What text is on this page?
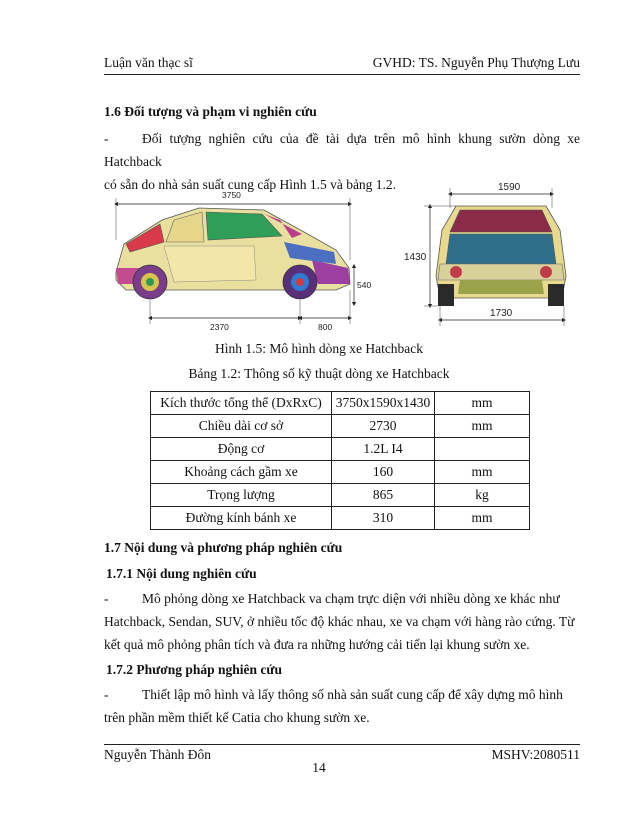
Luận văn thạc sĩ	GVHD: TS. Nguyễn Phụ Thượng Lưu
1.6 Đối tượng và phạm vi nghiên cứu
- Đối tượng nghiên cứu của đề tài dựa trên mô hình khung sườn dòng xe Hatchback
có sẵn do nhà sản suất cung cấp Hình 1.5 và bảng 1.2.
3750
2370	800
540
1590
1430
1730
Hình 1.5: Mô hình dòng xe Hatchback
Bảng 1.2: Thông số kỹ thuật dòng xe Hatchback
Kích thước tổng thể (DxRxC)	3750x1590x1430	mm
Chiều dài cơ sở	2730	mm
Động cơ	1.2L I4	
Khoảng cách gầm xe	160	mm
Trọng lượng	865	kg
Đường kính bánh xe	310	mm
1.7 Nội dung và phương pháp nghiên cứu
1.7.1 Nội dung nghiên cứu
- Mô phỏng dòng xe Hatchback va chạm trực diện với nhiều dòng xe khác như
Hatchback, Sendan, SUV, ở nhiều tốc độ khác nhau, xe va chạm với hàng rào cứng. Từ
kết quả mô phỏng phân tích và đưa ra những hướng cải tiến lại khung sườn xe.
1.7.2 Phương pháp nghiên cứu
- Thiết lập mô hình và lấy thông số nhà sản suất cung cấp để xây dựng mô hình
trên phần mềm thiết kế Catia cho khung sườn xe.
Nguyễn Thành Đôn	MSHV:2080511
14
